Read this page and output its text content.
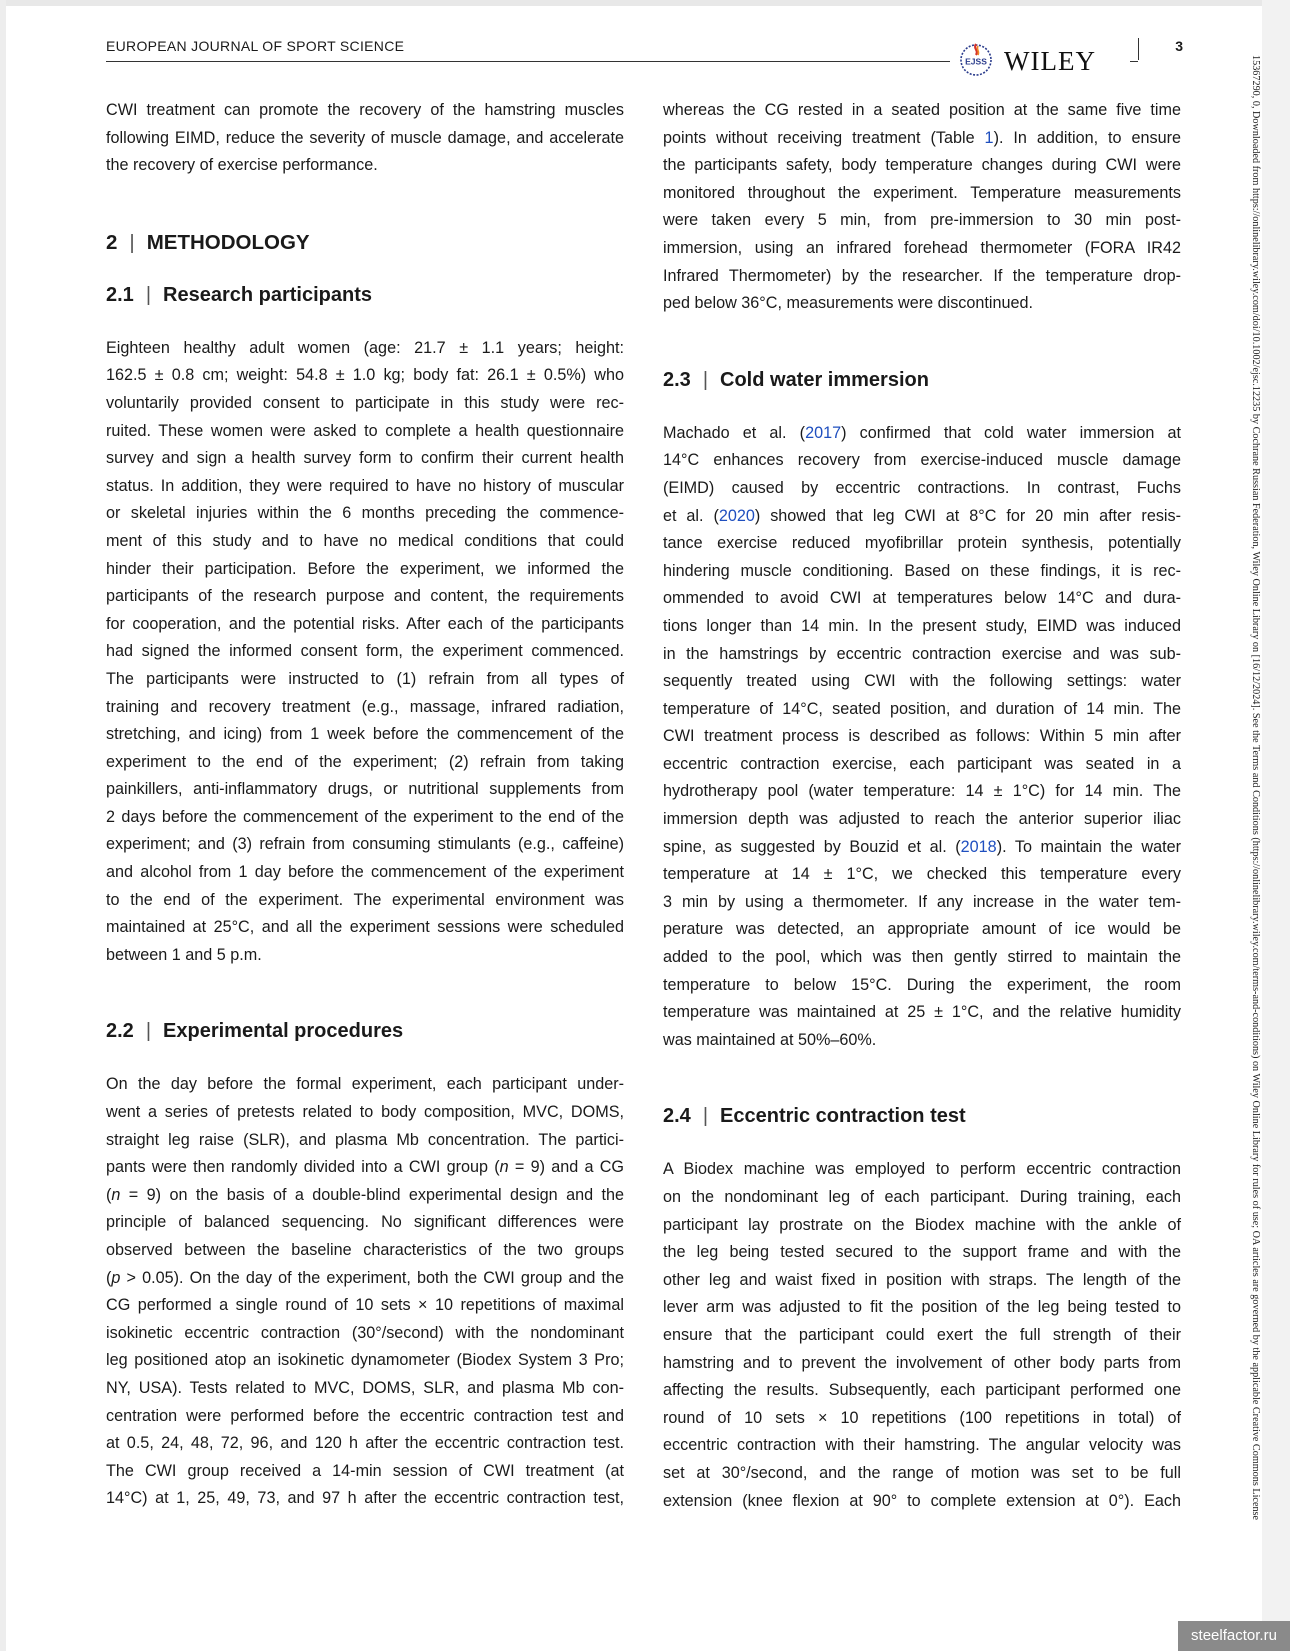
EUROPEAN JOURNAL OF SPORT SCIENCE
EJSS WILEY	3

CWI treatment can promote the recovery of the hamstring muscles
following EIMD, reduce the severity of muscle damage, and accelerate
the recovery of exercise performance.

2 | METHODOLOGY
2.1 | Research participants

Eighteen healthy adult women (age: 21.7 ± 1.1 years; height:
162.5 ± 0.8 cm; weight: 54.8 ± 1.0 kg; body fat: 26.1 ± 0.5%) who
voluntarily provided consent to participate in this study were rec-
ruited. These women were asked to complete a health questionnaire
survey and sign a health survey form to confirm their current health
status. In addition, they were required to have no history of muscular
or skeletal injuries within the 6 months preceding the commence-
ment of this study and to have no medical conditions that could
hinder their participation. Before the experiment, we informed the
participants of the research purpose and content, the requirements
for cooperation, and the potential risks. After each of the participants
had signed the informed consent form, the experiment commenced.
The participants were instructed to (1) refrain from all types of
training and recovery treatment (e.g., massage, infrared radiation,
stretching, and icing) from 1 week before the commencement of the
experiment to the end of the experiment; (2) refrain from taking
painkillers, anti-inflammatory drugs, or nutritional supplements from
2 days before the commencement of the experiment to the end of the
experiment; and (3) refrain from consuming stimulants (e.g., caffeine)
and alcohol from 1 day before the commencement of the experiment
to the end of the experiment. The experimental environment was
maintained at 25°C, and all the experiment sessions were scheduled
between 1 and 5 p.m.

2.2 | Experimental procedures

On the day before the formal experiment, each participant under-
went a series of pretests related to body composition, MVC, DOMS,
straight leg raise (SLR), and plasma Mb concentration. The partici-
pants were then randomly divided into a CWI group (n = 9) and a CG
(n = 9) on the basis of a double-blind experimental design and the
principle of balanced sequencing. No significant differences were
observed between the baseline characteristics of the two groups
(p > 0.05). On the day of the experiment, both the CWI group and the
CG performed a single round of 10 sets × 10 repetitions of maximal
isokinetic eccentric contraction (30°/second) with the nondominant
leg positioned atop an isokinetic dynamometer (Biodex System 3 Pro;
NY, USA). Tests related to MVC, DOMS, SLR, and plasma Mb con-
centration were performed before the eccentric contraction test and
at 0.5, 24, 48, 72, 96, and 120 h after the eccentric contraction test.
The CWI group received a 14-min session of CWI treatment (at
14°C) at 1, 25, 49, 73, and 97 h after the eccentric contraction test,

whereas the CG rested in a seated position at the same five time
points without receiving treatment (Table 1). In addition, to ensure
the participants safety, body temperature changes during CWI were
monitored throughout the experiment. Temperature measurements
were taken every 5 min, from pre-immersion to 30 min post-
immersion, using an infrared forehead thermometer (FORA IR42
Infrared Thermometer) by the researcher. If the temperature drop-
ped below 36°C, measurements were discontinued.

2.3 | Cold water immersion

Machado et al. (2017) confirmed that cold water immersion at
14°C enhances recovery from exercise-induced muscle damage
(EIMD) caused by eccentric contractions. In contrast, Fuchs
et al. (2020) showed that leg CWI at 8°C for 20 min after resis-
tance exercise reduced myofibrillar protein synthesis, potentially
hindering muscle conditioning. Based on these findings, it is rec-
ommended to avoid CWI at temperatures below 14°C and dura-
tions longer than 14 min. In the present study, EIMD was induced
in the hamstrings by eccentric contraction exercise and was sub-
sequently treated using CWI with the following settings: water
temperature of 14°C, seated position, and duration of 14 min. The
CWI treatment process is described as follows: Within 5 min after
eccentric contraction exercise, each participant was seated in a
hydrotherapy pool (water temperature: 14 ± 1°C) for 14 min. The
immersion depth was adjusted to reach the anterior superior iliac
spine, as suggested by Bouzid et al. (2018). To maintain the water
temperature at 14 ± 1°C, we checked this temperature every
3 min by using a thermometer. If any increase in the water tem-
perature was detected, an appropriate amount of ice would be
added to the pool, which was then gently stirred to maintain the
temperature to below 15°C. During the experiment, the room
temperature was maintained at 25 ± 1°C, and the relative humidity
was maintained at 50%–60%.

2.4 | Eccentric contraction test

A Biodex machine was employed to perform eccentric contraction
on the nondominant leg of each participant. During training, each
participant lay prostrate on the Biodex machine with the ankle of
the leg being tested secured to the support frame and with the
other leg and waist fixed in position with straps. The length of the
lever arm was adjusted to fit the position of the leg being tested to
ensure that the participant could exert the full strength of their
hamstring and to prevent the involvement of other body parts from
affecting the results. Subsequently, each participant performed one
round of 10 sets × 10 repetitions (100 repetitions in total) of
eccentric contraction with their hamstring. The angular velocity was
set at 30°/second, and the range of motion was set to be full
extension (knee flexion at 90° to complete extension at 0°). Each	15367290, 0, Downloaded from https://onlinelibrary.wiley.com/doi/10.1002/ejsc.12235 by Cochrane Russian Federation, Wiley Online Library on [16/12/2024]. See the Terms and Conditions (https://onlinelibrary.wiley.com/terms-and-conditions) on Wiley Online Library for rules of use; OA articles are governed by the applicable Creative Commons License
steelfactor.ru
